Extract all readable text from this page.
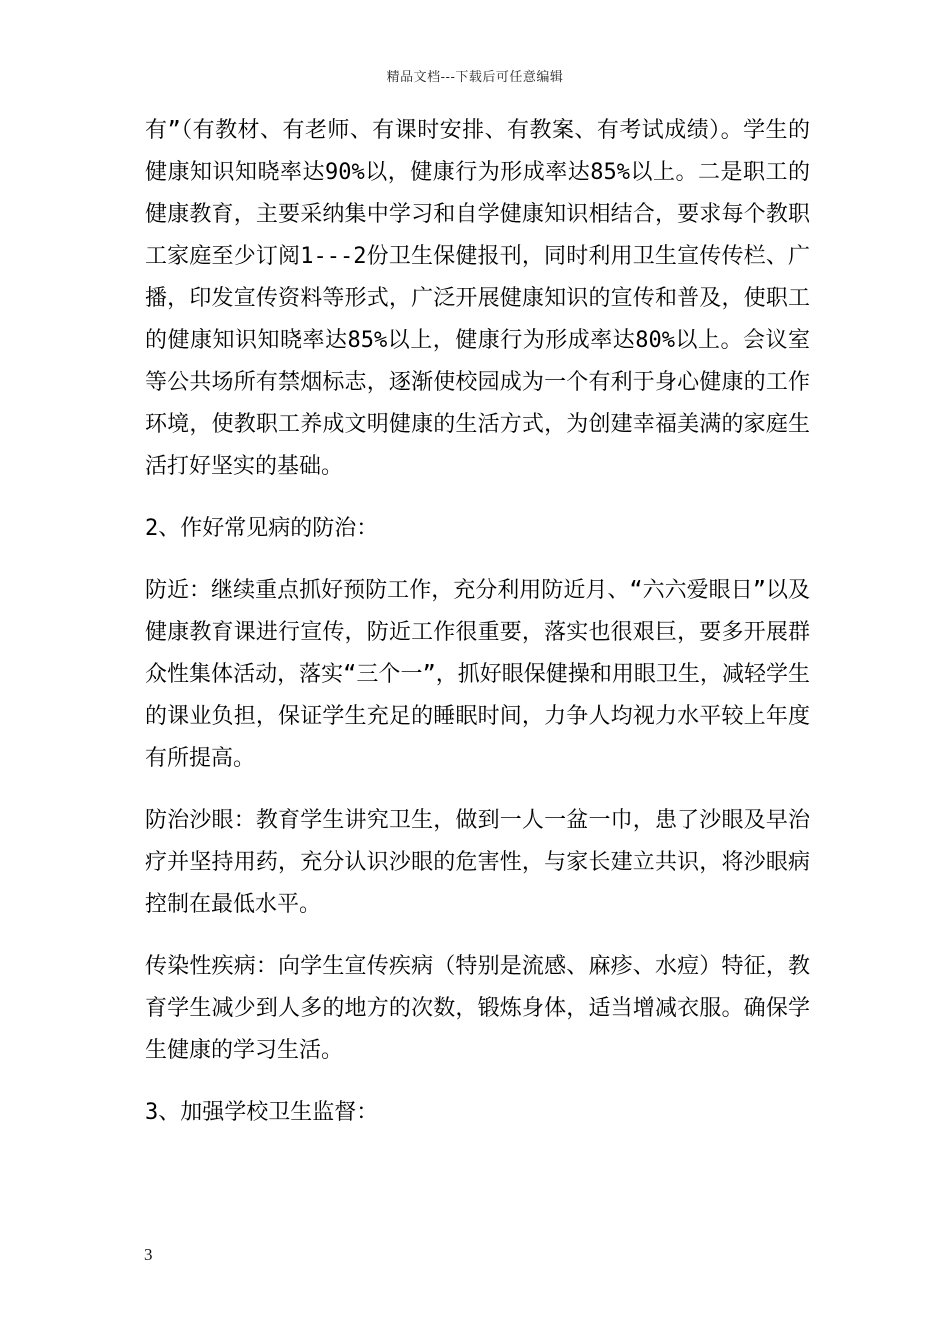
精品文档---下载后可任意编辑

有”（有教材、有老师、有课时安排、有教案、有考试成绩）。学生的健康知识知晓率达90%以，健康行为形成率达85%以上。二是职工的健康教育，主要采纳集中学习和自学健康知识相结合，要求每个教职工家庭至少订阅1---2份卫生保健报刊，同时利用卫生宣传传栏、广播，印发宣传资料等形式，广泛开展健康知识的宣传和普及，使职工的健康知识知晓率达85%以上，健康行为形成率达80%以上。会议室等公共场所有禁烟标志，逐渐使校园成为一个有利于身心健康的工作环境，使教职工养成文明健康的生活方式，为创建幸福美满的家庭生活打好坚实的基础。

2、作好常见病的防治：

防近：继续重点抓好预防工作，充分利用防近月、“六六爱眼日”以及健康教育课进行宣传，防近工作很重要，落实也很艰巨，要多开展群众性集体活动，落实“三个一”，抓好眼保健操和用眼卫生，减轻学生的课业负担，保证学生充足的睡眠时间，力争人均视力水平较上年度有所提高。

防治沙眼：教育学生讲究卫生，做到一人一盆一巾，患了沙眼及早治疗并坚持用药，充分认识沙眼的危害性，与家长建立共识，将沙眼病控制在最低水平。

传染性疾病：向学生宣传疾病（特别是流感、麻疹、水痘）特征，教育学生减少到人多的地方的次数，锻炼身体，适当增减衣服。确保学生健康的学习生活。

3、加强学校卫生监督：

3
